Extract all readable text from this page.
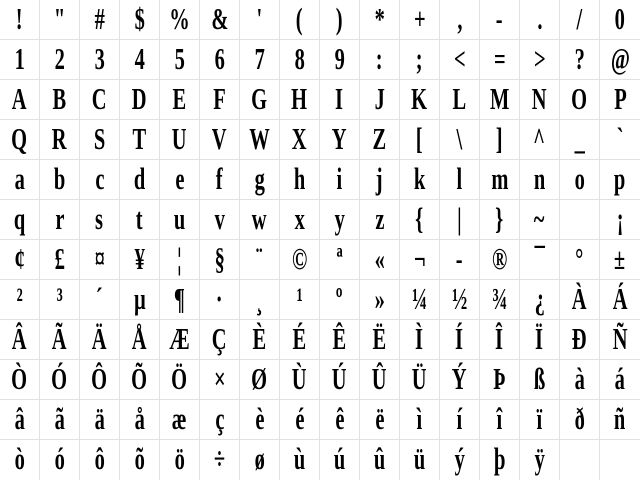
! " # $ % & ' ( ) * + , - . / 0
1 2 3 4 5 6 7 8 9 : ; < = > ? @
A B C D E F G H I J K L M N O P
Q R S T U V W X Y Z [ \ ] ^ _ `
a b c d e f g h i j k l m n o p
q r s t u v w x y z { | } ~ ¡
¢ £ ¤ ¥ ¦ § ¨ © ª « ¬ - ® ¯ ° ±
² ³ ´ µ ¶ · ¸ ¹ º » ¼ ½ ¾ ¿ À Á
Â Ã Ä Å Æ Ç È É Ê Ë Ì Í Î Ï Ð Ñ
Ò Ó Ô Õ Ö × Ø Ù Ú Û Ü Ý Þ ß à á
â ã ä å æ ç è é ê ë ì í î ï ð ñ
ò ó ô õ ö ÷ ø ù ú û ü ý þ ÿ
